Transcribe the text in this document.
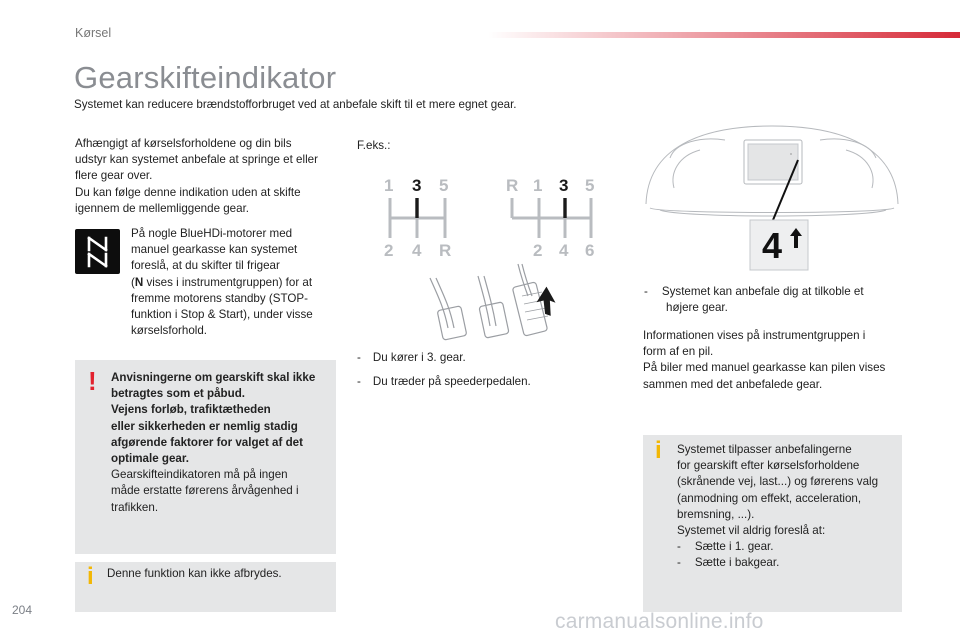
Kørsel
Gearskifteindikator
Systemet kan reducere brændstofforbruget ved at anbefale skift til et mere egnet gear.
Afhængigt af kørselsforholdene og din bils
udstyr kan systemet anbefale at springe et eller
flere gear over.
Du kan følge denne indikation uden at skifte
igennem de mellemliggende gear.
På nogle BlueHDi-motorer med
manuel gearkasse kan systemet
foreslå, at du skifter til frigear
(N vises i instrumentgruppen) for at
fremme motorens standby (STOP-
funktion i Stop & Start), under visse
kørselsforhold.
! Anvisningerne om gearskift skal ikke
betragtes som et påbud.
Vejens forløb, trafiktætheden
eller sikkerheden er nemlig stadig
afgørende faktorer for valget af det
optimale gear.
Gearskifteindikatoren må på ingen
måde erstatte førerens årvågenhed i
trafikken.
i Denne funktion kan ikke afbrydes.
F.eks.:
1 3 5
2 4 R
R 1 3 5
2 4 6
- Du kører i 3. gear.
- Du træder på speederpedalen.
4
- Systemet kan anbefale dig at tilkoble et
højere gear.
Informationen vises på instrumentgruppen i
form af en pil.
På biler med manuel gearkasse kan pilen vises
sammen med det anbefalede gear.
i Systemet tilpasser anbefalingerne
for gearskift efter kørselsforholdene
(skrånende vej, last...) og førerens valg
(anmodning om effekt, acceleration,
bremsning, ...).
Systemet vil aldrig foreslå at:
- Sætte i 1. gear.
- Sætte i bakgear.
204	carmanualsonline.info
